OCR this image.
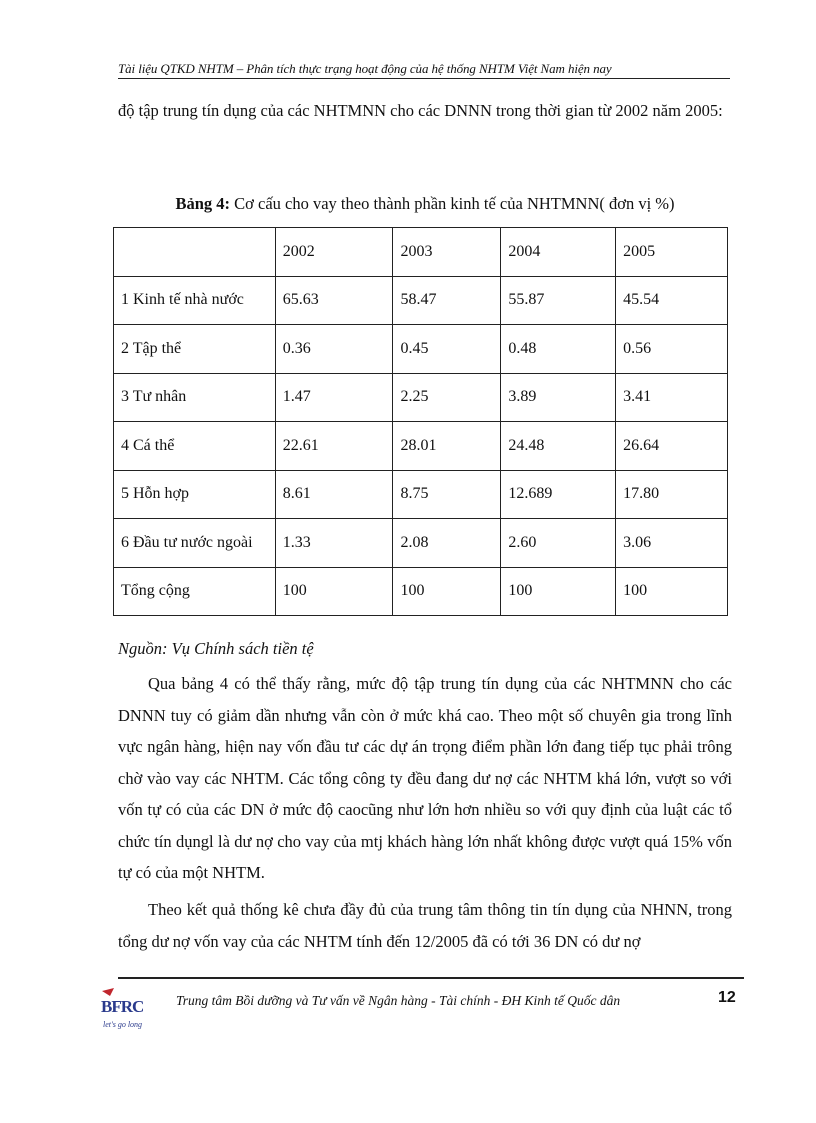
Tài liệu QTKD NHTM – Phân tích thực trạng hoạt động của hệ thống NHTM Việt Nam hiện nay
độ tập trung tín dụng của các NHTMNN cho các DNNN trong thời gian từ 2002 năm 2005:
Bảng 4: Cơ cấu cho vay theo thành phần kinh tế của NHTMNN( đơn vị %)
	2002	2003	2004	2005
1 Kinh tế nhà nước	65.63	58.47	55.87	45.54
2 Tập thể	0.36	0.45	0.48	0.56
3 Tư nhân	1.47	2.25	3.89	3.41
4 Cá thể	22.61	28.01	24.48	26.64
5 Hỗn hợp	8.61	8.75	12.689	17.80
6 Đầu tư nước ngoài	1.33	2.08	2.60	3.06
Tổng cộng	100	100	100	100
Nguồn: Vụ Chính sách tiền tệ
Qua bảng 4 có thể thấy rằng, mức độ tập trung tín dụng của các NHTMNN cho các DNNN tuy có giảm dần nhưng vẫn còn ở mức khá cao. Theo một số chuyên gia trong lĩnh vực ngân hàng, hiện nay vốn đầu tư các dự án trọng điểm phần lớn đang tiếp tục phải trông chờ vào vay các NHTM. Các tổng công ty đều đang dư nợ các NHTM khá lớn, vượt so với vốn tự có của các DN ở mức độ caocũng như lớn hơn nhiều so với quy định của luật các tổ chức tín dụngl là dư nợ cho vay của mtj khách hàng lớn nhất không được vượt quá 15% vốn tự có của một NHTM.
Theo kết quả thống kê chưa đầy đủ của trung tâm thông tin tín dụng của NHNN, trong tổng dư nợ vốn vay của các NHTM tính đến 12/2005 đã có tới 36 DN có dư nợ
BFRC
let's go long
Trung tâm Bồi dưỡng và Tư vấn về Ngân hàng - Tài chính - ĐH Kinh tế Quốc dân	12
